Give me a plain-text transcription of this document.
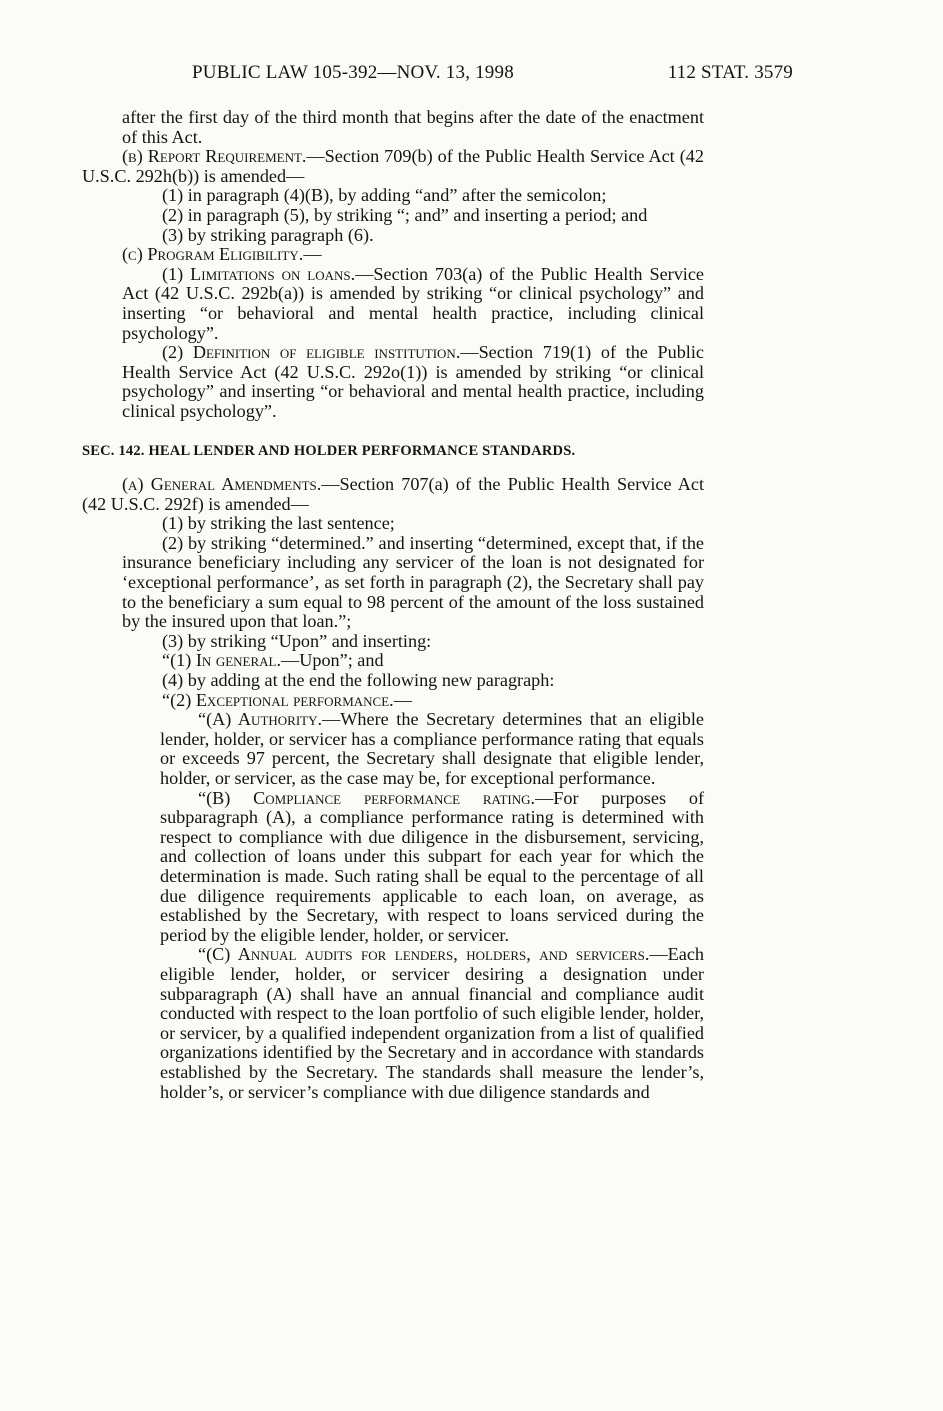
PUBLIC LAW 105-392—NOV. 13, 1998	112 STAT. 3579

after the first day of the third month that begins after the date of the enactment of this Act.

(b) Report Requirement.—Section 709(b) of the Public Health Service Act (42 U.S.C. 292h(b)) is amended—

(1) in paragraph (4)(B), by adding “and” after the semicolon;

(2) in paragraph (5), by striking “; and” and inserting a period; and

(3) by striking paragraph (6).

(c) Program Eligibility.—

(1) Limitations on loans.—Section 703(a) of the Public Health Service Act (42 U.S.C. 292b(a)) is amended by striking “or clinical psychology” and inserting “or behavioral and mental health practice, including clinical psychology”.

(2) Definition of eligible institution.—Section 719(1) of the Public Health Service Act (42 U.S.C. 292o(1)) is amended by striking “or clinical psychology” and inserting “or behavioral and mental health practice, including clinical psychology”.

SEC. 142. HEAL LENDER AND HOLDER PERFORMANCE STANDARDS.

(a) General Amendments.—Section 707(a) of the Public Health Service Act (42 U.S.C. 292f) is amended—

(1) by striking the last sentence;

(2) by striking “determined.” and inserting “determined, except that, if the insurance beneficiary including any servicer of the loan is not designated for ‘exceptional performance’, as set forth in paragraph (2), the Secretary shall pay to the beneficiary a sum equal to 98 percent of the amount of the loss sustained by the insured upon that loan.”;

(3) by striking “Upon” and inserting:

“(1) In general.—Upon”; and

(4) by adding at the end the following new paragraph:

“(2) Exceptional performance.—

“(A) Authority.—Where the Secretary determines that an eligible lender, holder, or servicer has a compliance performance rating that equals or exceeds 97 percent, the Secretary shall designate that eligible lender, holder, or servicer, as the case may be, for exceptional performance.

“(B) Compliance performance rating.—For purposes of subparagraph (A), a compliance performance rating is determined with respect to compliance with due diligence in the disbursement, servicing, and collection of loans under this subpart for each year for which the determination is made. Such rating shall be equal to the percentage of all due diligence requirements applicable to each loan, on average, as established by the Secretary, with respect to loans serviced during the period by the eligible lender, holder, or servicer.

“(C) Annual audits for lenders, holders, and servicers.—Each eligible lender, holder, or servicer desiring a designation under subparagraph (A) shall have an annual financial and compliance audit conducted with respect to the loan portfolio of such eligible lender, holder, or servicer, by a qualified independent organization from a list of qualified organizations identified by the Secretary and in accordance with standards established by the Secretary. The standards shall measure the lender’s, holder’s, or servicer’s compliance with due diligence standards and
